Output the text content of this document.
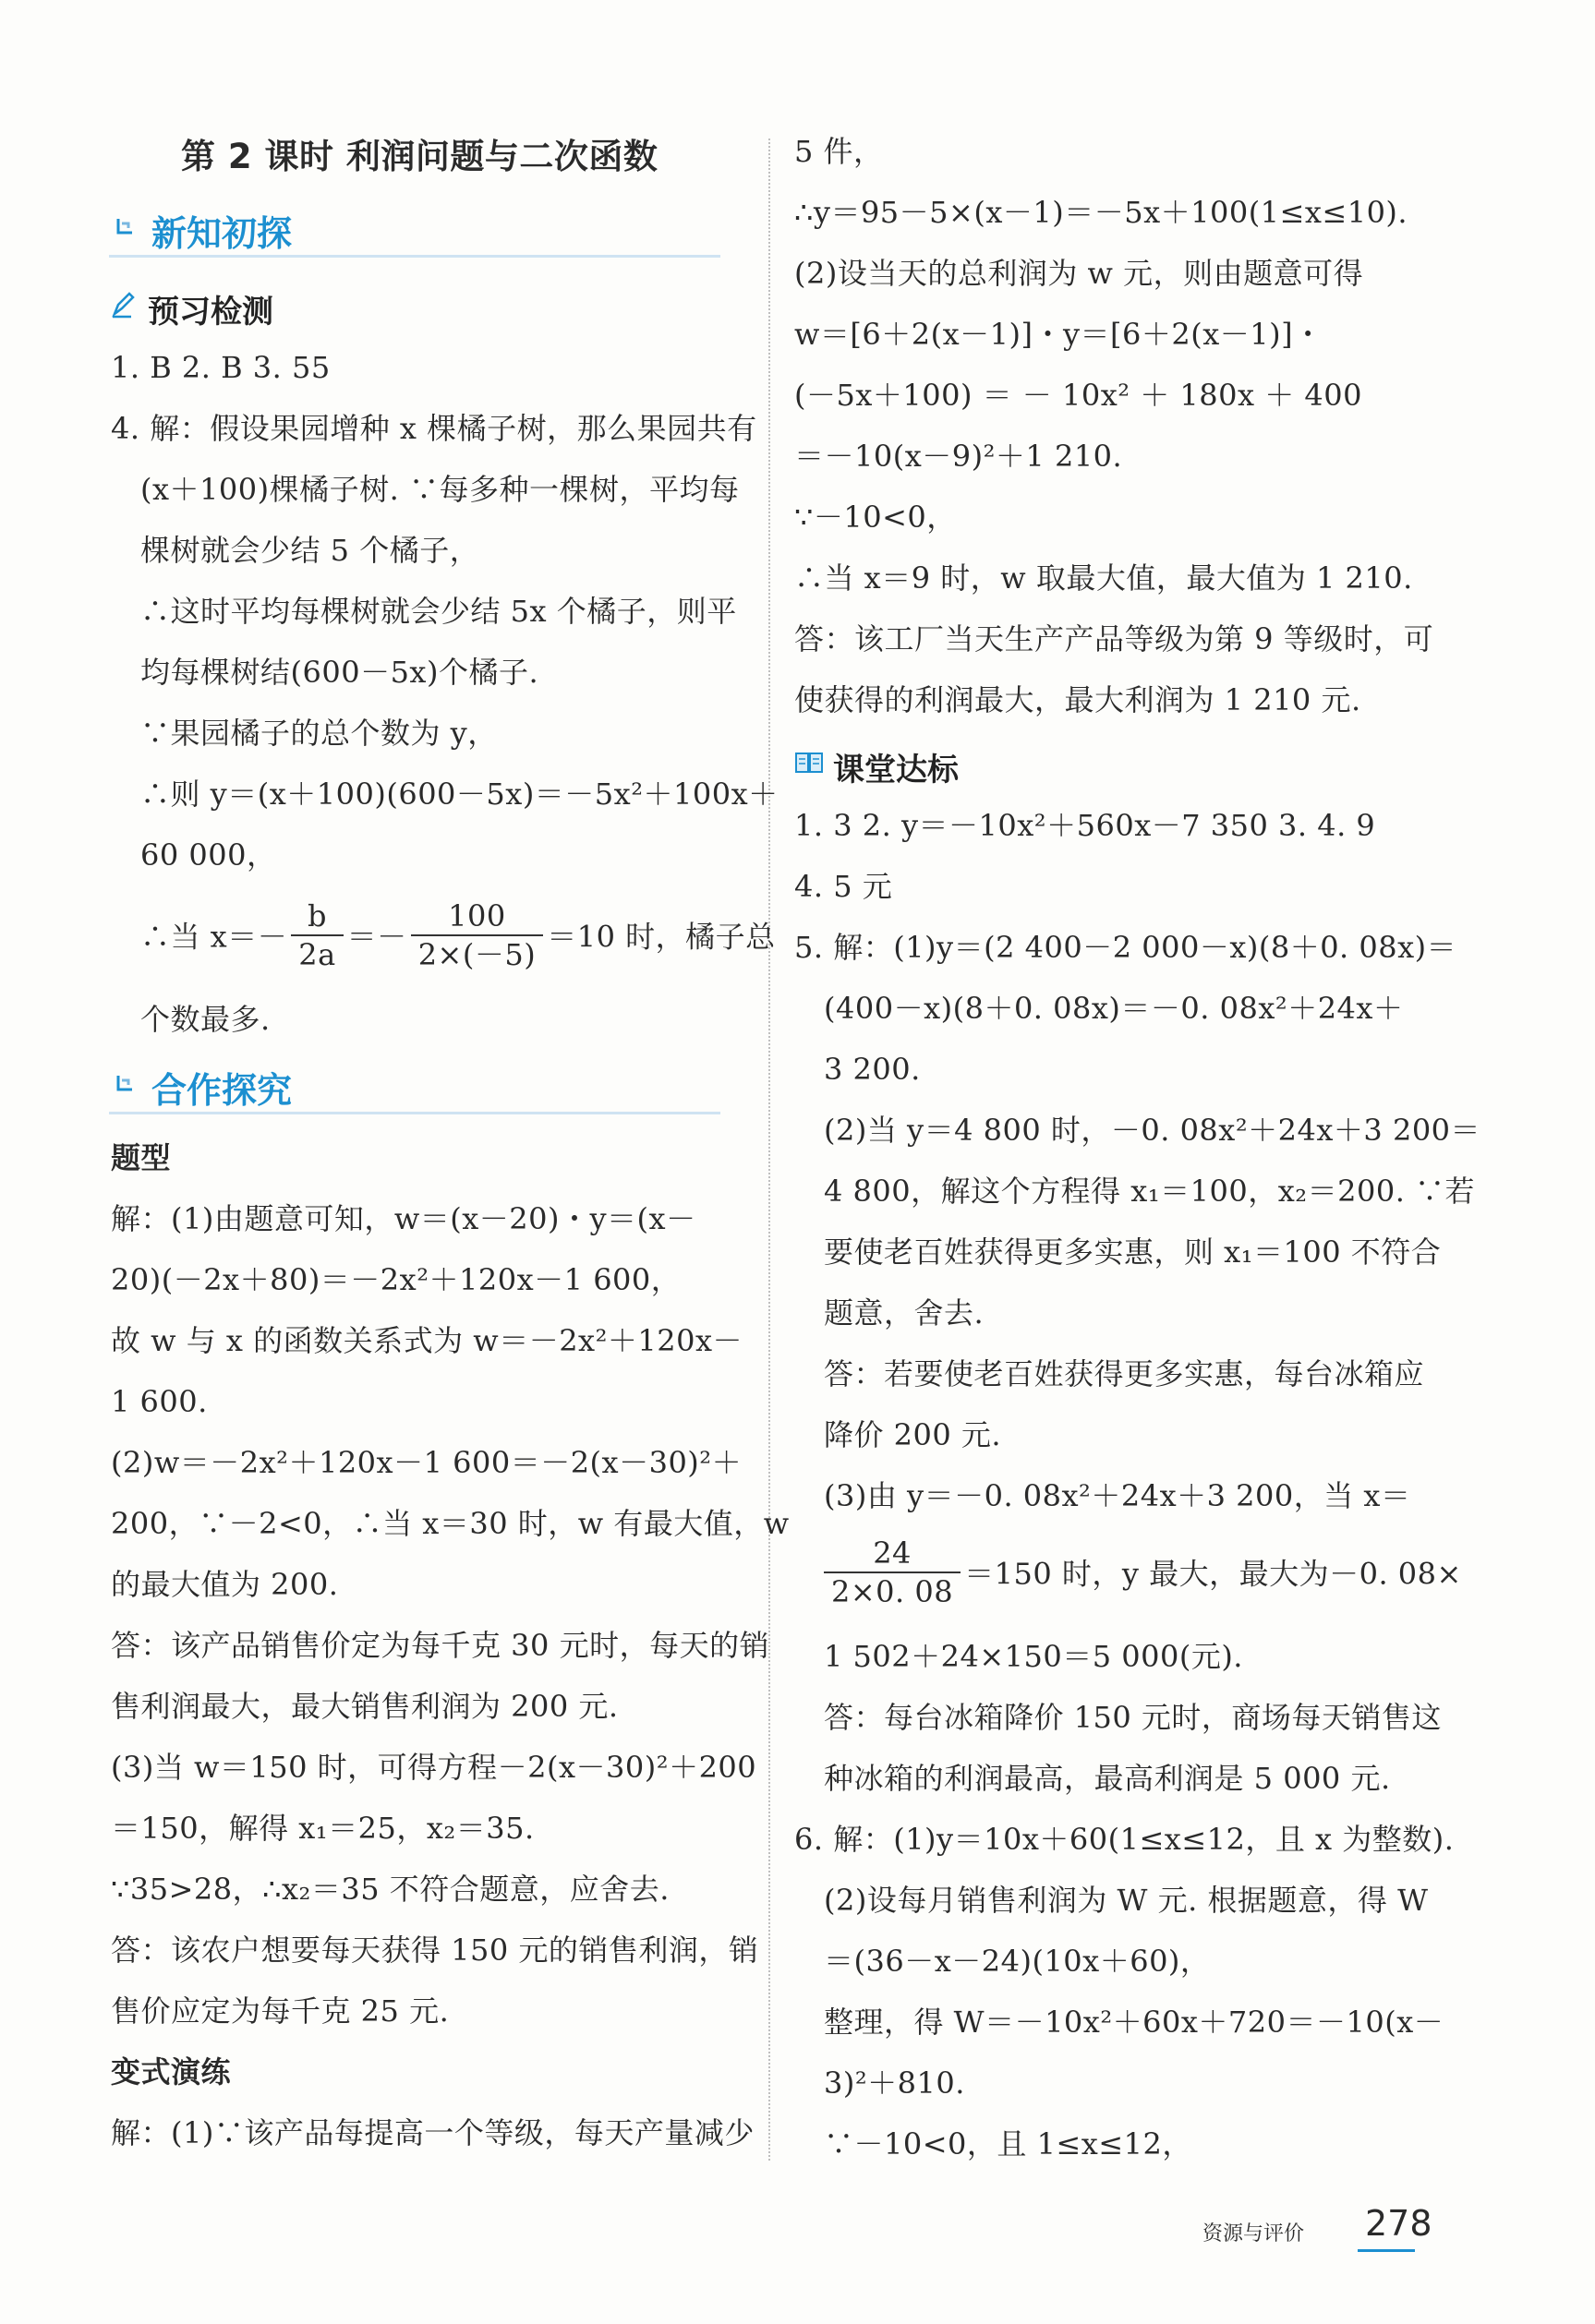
第 2 课时 利润问题与二次函数
新知初探
预习检测
1. B 2. B 3. 55
4. 解：假设果园增种 x 棵橘子树，那么果园共有
(x＋100)棵橘子树. ∵每多种一棵树，平均每
棵树就会少结 5 个橘子，
∴这时平均每棵树就会少结 5x 个橘子，则平
均每棵树结(600－5x)个橘子.
∵果园橘子的总个数为 y，
∴则 y＝(x＋100)(600－5x)＝－5x²＋100x＋
60 000，
∴当 $x=- \frac{b}{2a} =- \frac{100}{2\times(-5)} =10$ 时，橘子总
个数最多.
合作探究
题型
解：(1)由题意可知，w＝(x－20)・y＝(x－
20)(－2x＋80)＝－2x²＋120x－1 600，
故 w 与 x 的函数关系式为 w＝－2x²＋120x－
1 600.
(2)w＝－2x²＋120x－1 600＝－2(x－30)²＋
200，∵－2<0，∴当 x＝30 时，w 有最大值，w
的最大值为 200.
答：该产品销售价定为每千克 30 元时，每天的销
售利润最大，最大销售利润为 200 元.
(3)当 w＝150 时，可得方程－2(x－30)²＋200
＝150，解得 x₁＝25，x₂＝35.
∵35>28，∴x₂＝35 不符合题意，应舍去.
答：该农户想要每天获得 150 元的销售利润，销
售价应定为每千克 25 元.
变式演练
解：(1)∵该产品每提高一个等级，每天产量减少
5 件，
∴y＝95－5×(x－1)＝－5x＋100(1≤x≤10).
(2)设当天的总利润为 w 元，则由题意可得
w＝[6＋2(x－1)]・y＝[6＋2(x－1)]・
(－5x＋100) ＝ － 10x² ＋ 180x ＋ 400
＝－10(x－9)²＋1 210.
∵－10<0，
∴当 x＝9 时，w 取最大值，最大值为 1 210.
答：该工厂当天生产产品等级为第 9 等级时，可
使获得的利润最大，最大利润为 1 210 元.
课堂达标
1. 3 2. y＝－10x²＋560x－7 350 3. 4. 9
4. 5 元
5. 解：(1)y＝(2 400－2 000－x)(8＋0. 08x)＝
(400－x)(8＋0. 08x)＝－0. 08x²＋24x＋
3 200.
(2)当 y＝4 800 时，－0. 08x²＋24x＋3 200＝
4 800，解这个方程得 x₁＝100，x₂＝200. ∵若
要使老百姓获得更多实惠，则 x₁＝100 不符合
题意，舍去.
答：若要使老百姓获得更多实惠，每台冰箱应
降价 200 元.
(3)由 y＝－0. 08x²＋24x＋3 200，当 x＝
$\frac{24}{2\times 0. 08} =150$ 时，y 最大，最大为－0. 08×
1 502＋24×150＝5 000(元).
答：每台冰箱降价 150 元时，商场每天销售这
种冰箱的利润最高，最高利润是 5 000 元.
6. 解：(1)y＝10x＋60(1≤x≤12，且 x 为整数).
(2)设每月销售利润为 W 元. 根据题意，得 W
＝(36－x－24)(10x＋60)，
整理，得 W＝－10x²＋60x＋720＝－10(x－
3)²＋810.
∵－10<0，且 1≤x≤12，
资源与评价 278
